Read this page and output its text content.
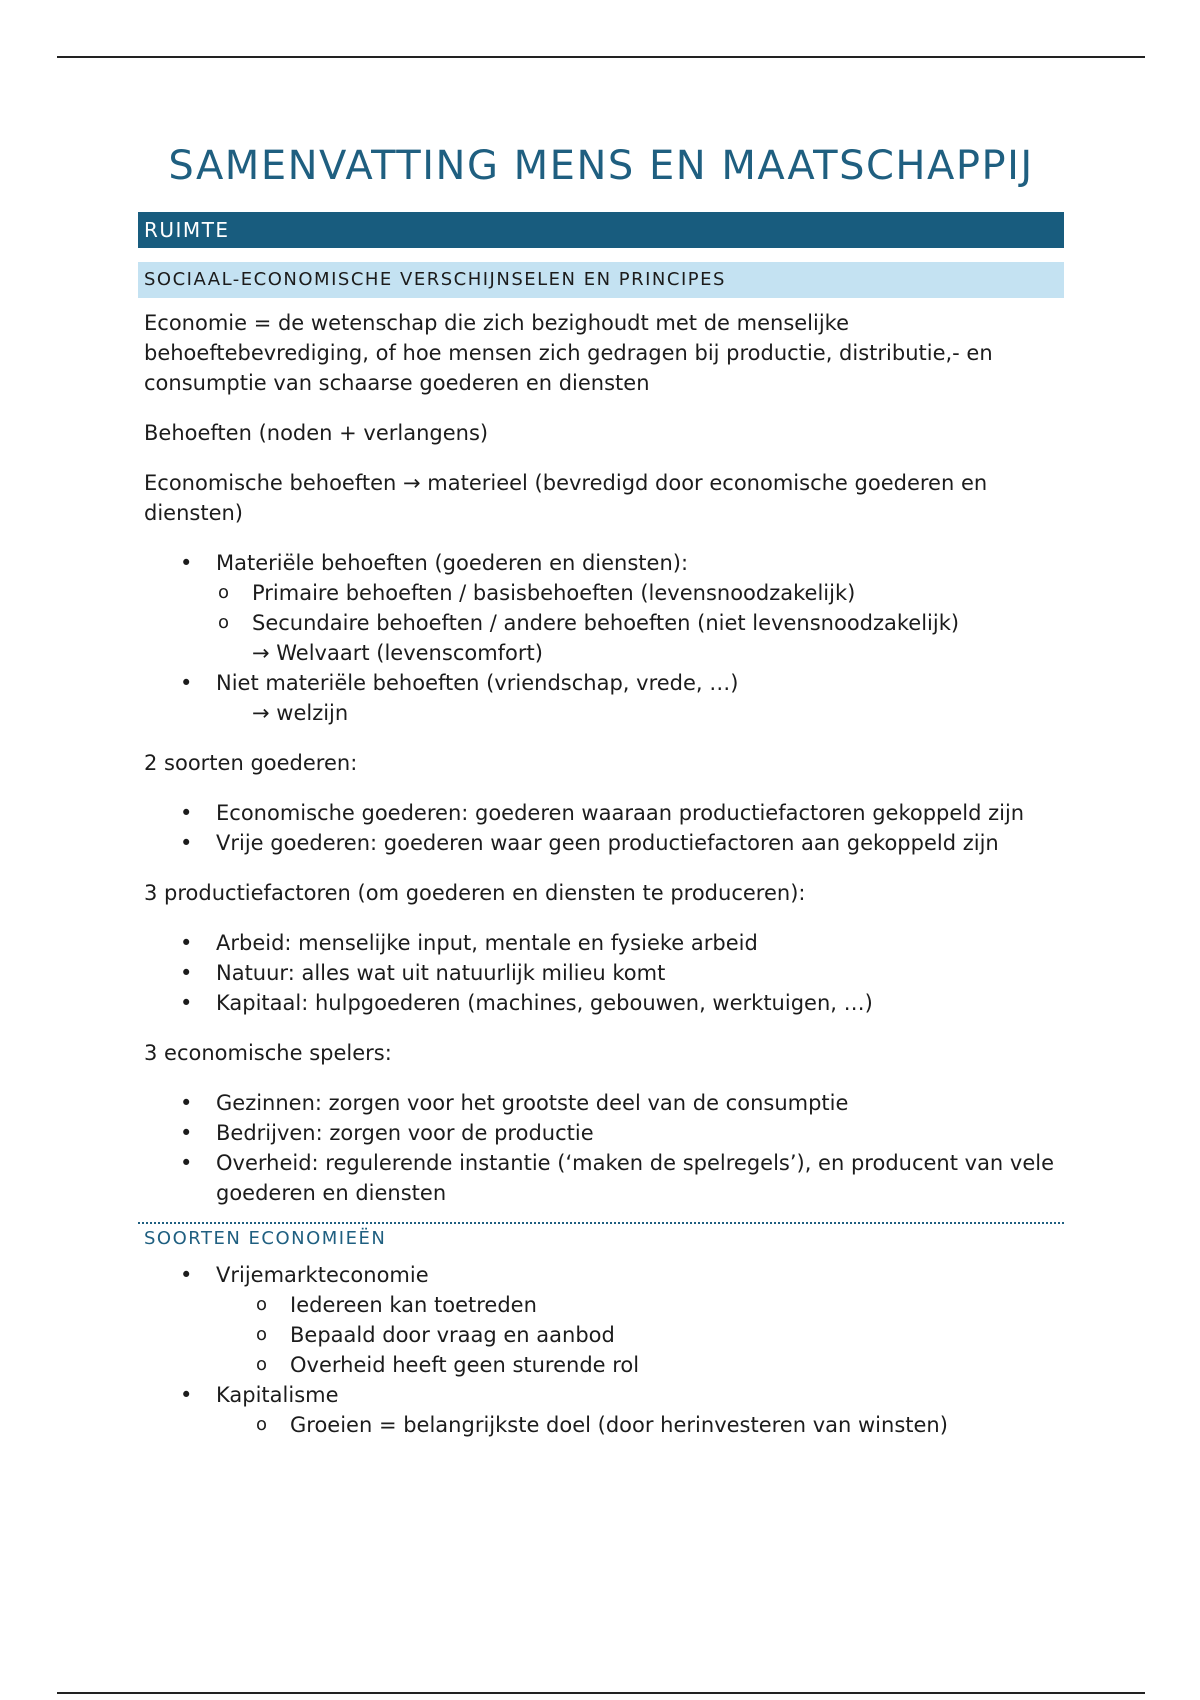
SAMENVATTING MENS EN MAATSCHAPPIJ
RUIMTE
SOCIAAL-ECONOMISCHE VERSCHIJNSELEN EN PRINCIPES

Economie = de wetenschap die zich bezighoudt met de menselijke behoeftebevrediging, of hoe mensen zich gedragen bij productie, distributie,- en consumptie van schaarse goederen en diensten

Behoeften (noden + verlangens)

Economische behoeften → materieel (bevredigd door economische goederen en diensten)

• Materiële behoeften (goederen en diensten):
o Primaire behoeften / basisbehoeften (levensnoodzakelijk)
o Secundaire behoeften / andere behoeften (niet levensnoodzakelijk)
→ Welvaart (levenscomfort)
• Niet materiële behoeften (vriendschap, vrede, …)
→ welzijn

2 soorten goederen:

• Economische goederen: goederen waaraan productiefactoren gekoppeld zijn
• Vrije goederen: goederen waar geen productiefactoren aan gekoppeld zijn

3 productiefactoren (om goederen en diensten te produceren):

• Arbeid: menselijke input, mentale en fysieke arbeid
• Natuur: alles wat uit natuurlijk milieu komt
• Kapitaal: hulpgoederen (machines, gebouwen, werktuigen, …)

3 economische spelers:

• Gezinnen: zorgen voor het grootste deel van de consumptie
• Bedrijven: zorgen voor de productie
• Overheid: regulerende instantie (‘maken de spelregels’), en producent van vele goederen en diensten
SOORTEN ECONOMIEËN
• Vrijemarkteconomie
o Iedereen kan toetreden
o Bepaald door vraag en aanbod
o Overheid heeft geen sturende rol
• Kapitalisme
o Groeien = belangrijkste doel (door herinvesteren van winsten)
